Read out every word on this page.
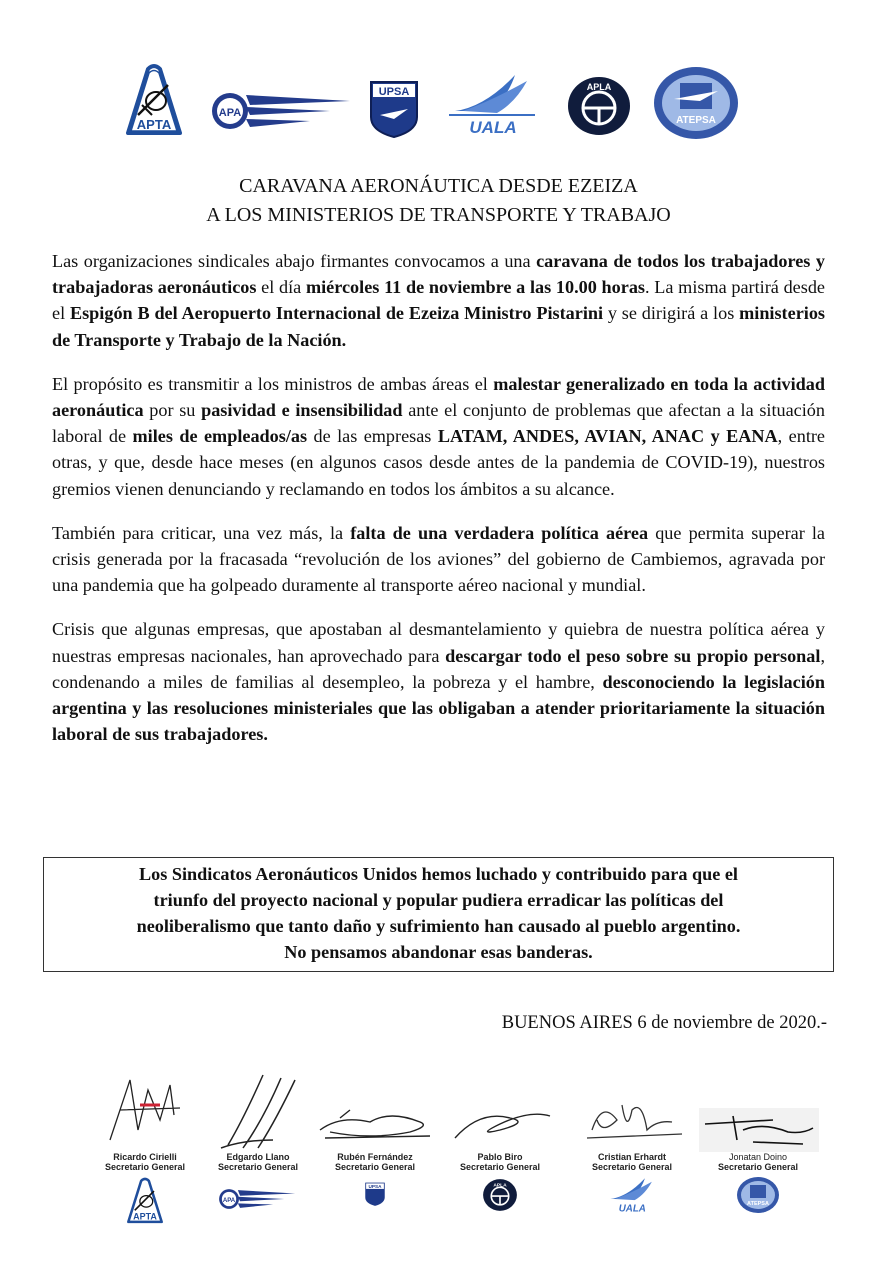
APTA
APA
UPSA
UALA
APLA
ATEPSA
CARAVANA AERONÁUTICA DESDE EZEIZA
A LOS MINISTERIOS DE TRANSPORTE Y TRABAJO

Las organizaciones sindicales abajo firmantes convocamos a una caravana de todos los trabajadores y trabajadoras aeronáuticos el día miércoles 11 de noviembre a las 10.00 horas. La misma partirá desde el Espigón B del Aeropuerto Internacional de Ezeiza Ministro Pistarini y se dirigirá a los ministerios de Transporte y Trabajo de la Nación.

El propósito es transmitir a los ministros de ambas áreas el malestar generalizado en toda la actividad aeronáutica por su pasividad e insensibilidad ante el conjunto de problemas que afectan a la situación laboral de miles de empleados/as de las empresas LATAM, ANDES, AVIAN, ANAC y EANA, entre otras, y que, desde hace meses (en algunos casos desde antes de la pandemia de COVID-19), nuestros gremios vienen denunciando y reclamando en todos los ámbitos a su alcance.

También para criticar, una vez más, la falta de una verdadera política aérea que permita superar la crisis generada por la fracasada “revolución de los aviones” del gobierno de Cambiemos, agravada por una pandemia que ha golpeado duramente al transporte aéreo nacional y mundial.

Crisis que algunas empresas, que apostaban al desmantelamiento y quiebra de nuestra política aérea y nuestras empresas nacionales, han aprovechado para descargar todo el peso sobre su propio personal, condenando a miles de familias al desempleo, la pobreza y el hambre, desconociendo la legislación argentina y las resoluciones ministeriales que las obligaban a atender prioritariamente la situación laboral de sus trabajadores.

Los Sindicatos Aeronáuticos Unidos hemos luchado y contribuido para que el
triunfo del proyecto nacional y popular pudiera erradicar las políticas del
neoliberalismo que tanto daño y sufrimiento han causado al pueblo argentino.
No pensamos abandonar esas banderas.
BUENOS AIRES 6 de noviembre de 2020.-
Ricardo Cirielli
Secretario General
APTA
Edgardo Llano
Secretario General
APA
Rubén Fernández
Secretario General
UPSA
Pablo Biro
Secretario General
APLA
Cristian Erhardt
Secretario General
UALA
Jonatan Doino
Secretario General
ATEPSA
